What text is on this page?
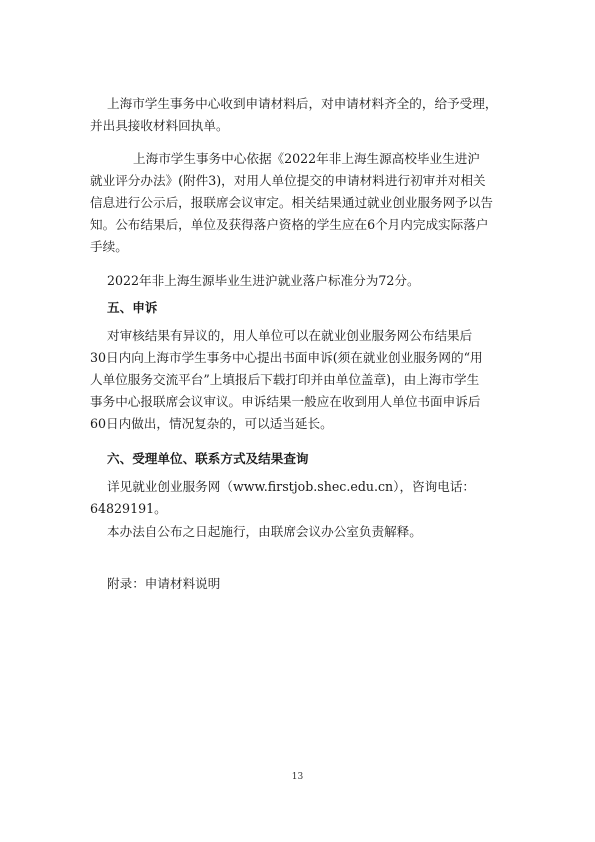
上海市学生事务中心收到申请材料后，对申请材料齐全的，给予受理，
并出具接收材料回执单。
上海市学生事务中心依据《2022年非上海生源高校毕业生进沪
就业评分办法》(附件3)，对用人单位提交的申请材料进行初审并对相关
信息进行公示后，报联席会议审定。相关结果通过就业创业服务网予以告
知。公布结果后，单位及获得落户资格的学生应在6个月内完成实际落户
手续。
2022年非上海生源毕业生进沪就业落户标准分为72分。
五、申诉
对审核结果有异议的，用人单位可以在就业创业服务网公布结果后
30日内向上海市学生事务中心提出书面申诉(须在就业创业服务网的“用
人单位服务交流平台”上填报后下载打印并由单位盖章)，由上海市学生
事务中心报联席会议审议。申诉结果一般应在收到用人单位书面申诉后
60日内做出，情况复杂的，可以适当延长。
六、受理单位、联系方式及结果查询
详见就业创业服务网（www.firstjob.shec.edu.cn），咨询电话：
64829191。
本办法自公布之日起施行，由联席会议办公室负责解释。
附录：申请材料说明
13
